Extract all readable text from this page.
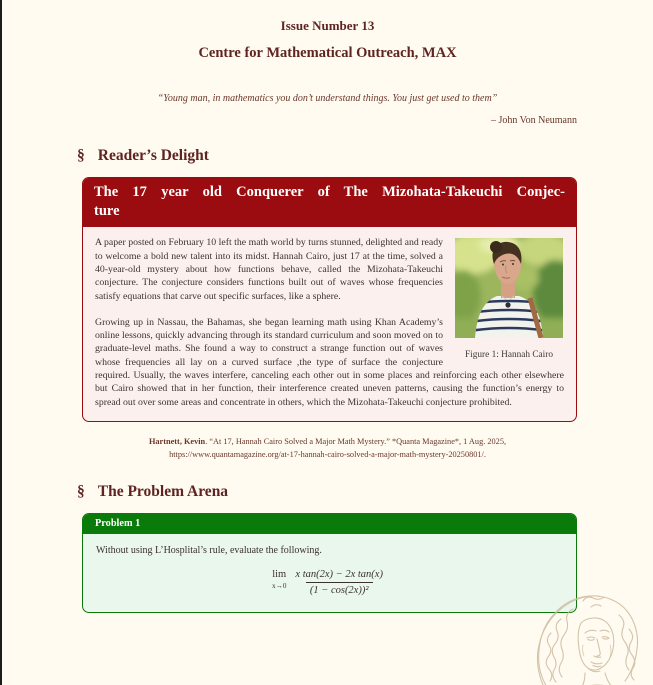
Issue Number 13
Centre for Mathematical Outreach, MAX
“Young man, in mathematics you don’t understand things. You just get used to them”
– John Von Neumann
§ Reader’s Delight
The 17 year old Conquerer of The Mizohata-Takeuchi Conjec-
ture
Figure 1: Hannah Cairo

A paper posted on February 10 left the math world by turns stunned, delighted and ready to welcome a bold new talent into its midst. Hannah Cairo, just 17 at the time, solved a 40-year-old mystery about how functions behave, called the Mizohata-Takeuchi conjecture. The conjecture considers functions built out of waves whose frequencies satisfy equations that carve out specific surfaces, like a sphere.

Growing up in Nassau, the Bahamas, she began learning math using Khan Academy’s online lessons, quickly advancing through its standard curriculum and soon moved on to graduate-level maths. She found a way to construct a strange function out of waves whose frequencies all lay on a curved surface ,the type of surface the conjecture required. Usually, the waves interfere, canceling each other out in some places and reinforcing each other elsewhere but Cairo showed that in her function, their interference created uneven patterns, causing the function’s energy to spread out over some areas and concentrate in others, which the Mizohata-Takeuchi conjecture prohibited.

Hartnett, Kevin. “At 17, Hannah Cairo Solved a Major Math Mystery.” *Quanta Magazine*, 1 Aug. 2025, https://www.quantamagazine.org/at-17-hannah-cairo-solved-a-major-math-mystery-20250801/.
§ The Problem Arena
Problem 1

Without using L’Hosplital’s rule, evaluate the following.

lim
$x\to 0 \frac{\text{x tan(2x) − 2x tan(x)}}{\text{(1 − cos(2x))²}}$
